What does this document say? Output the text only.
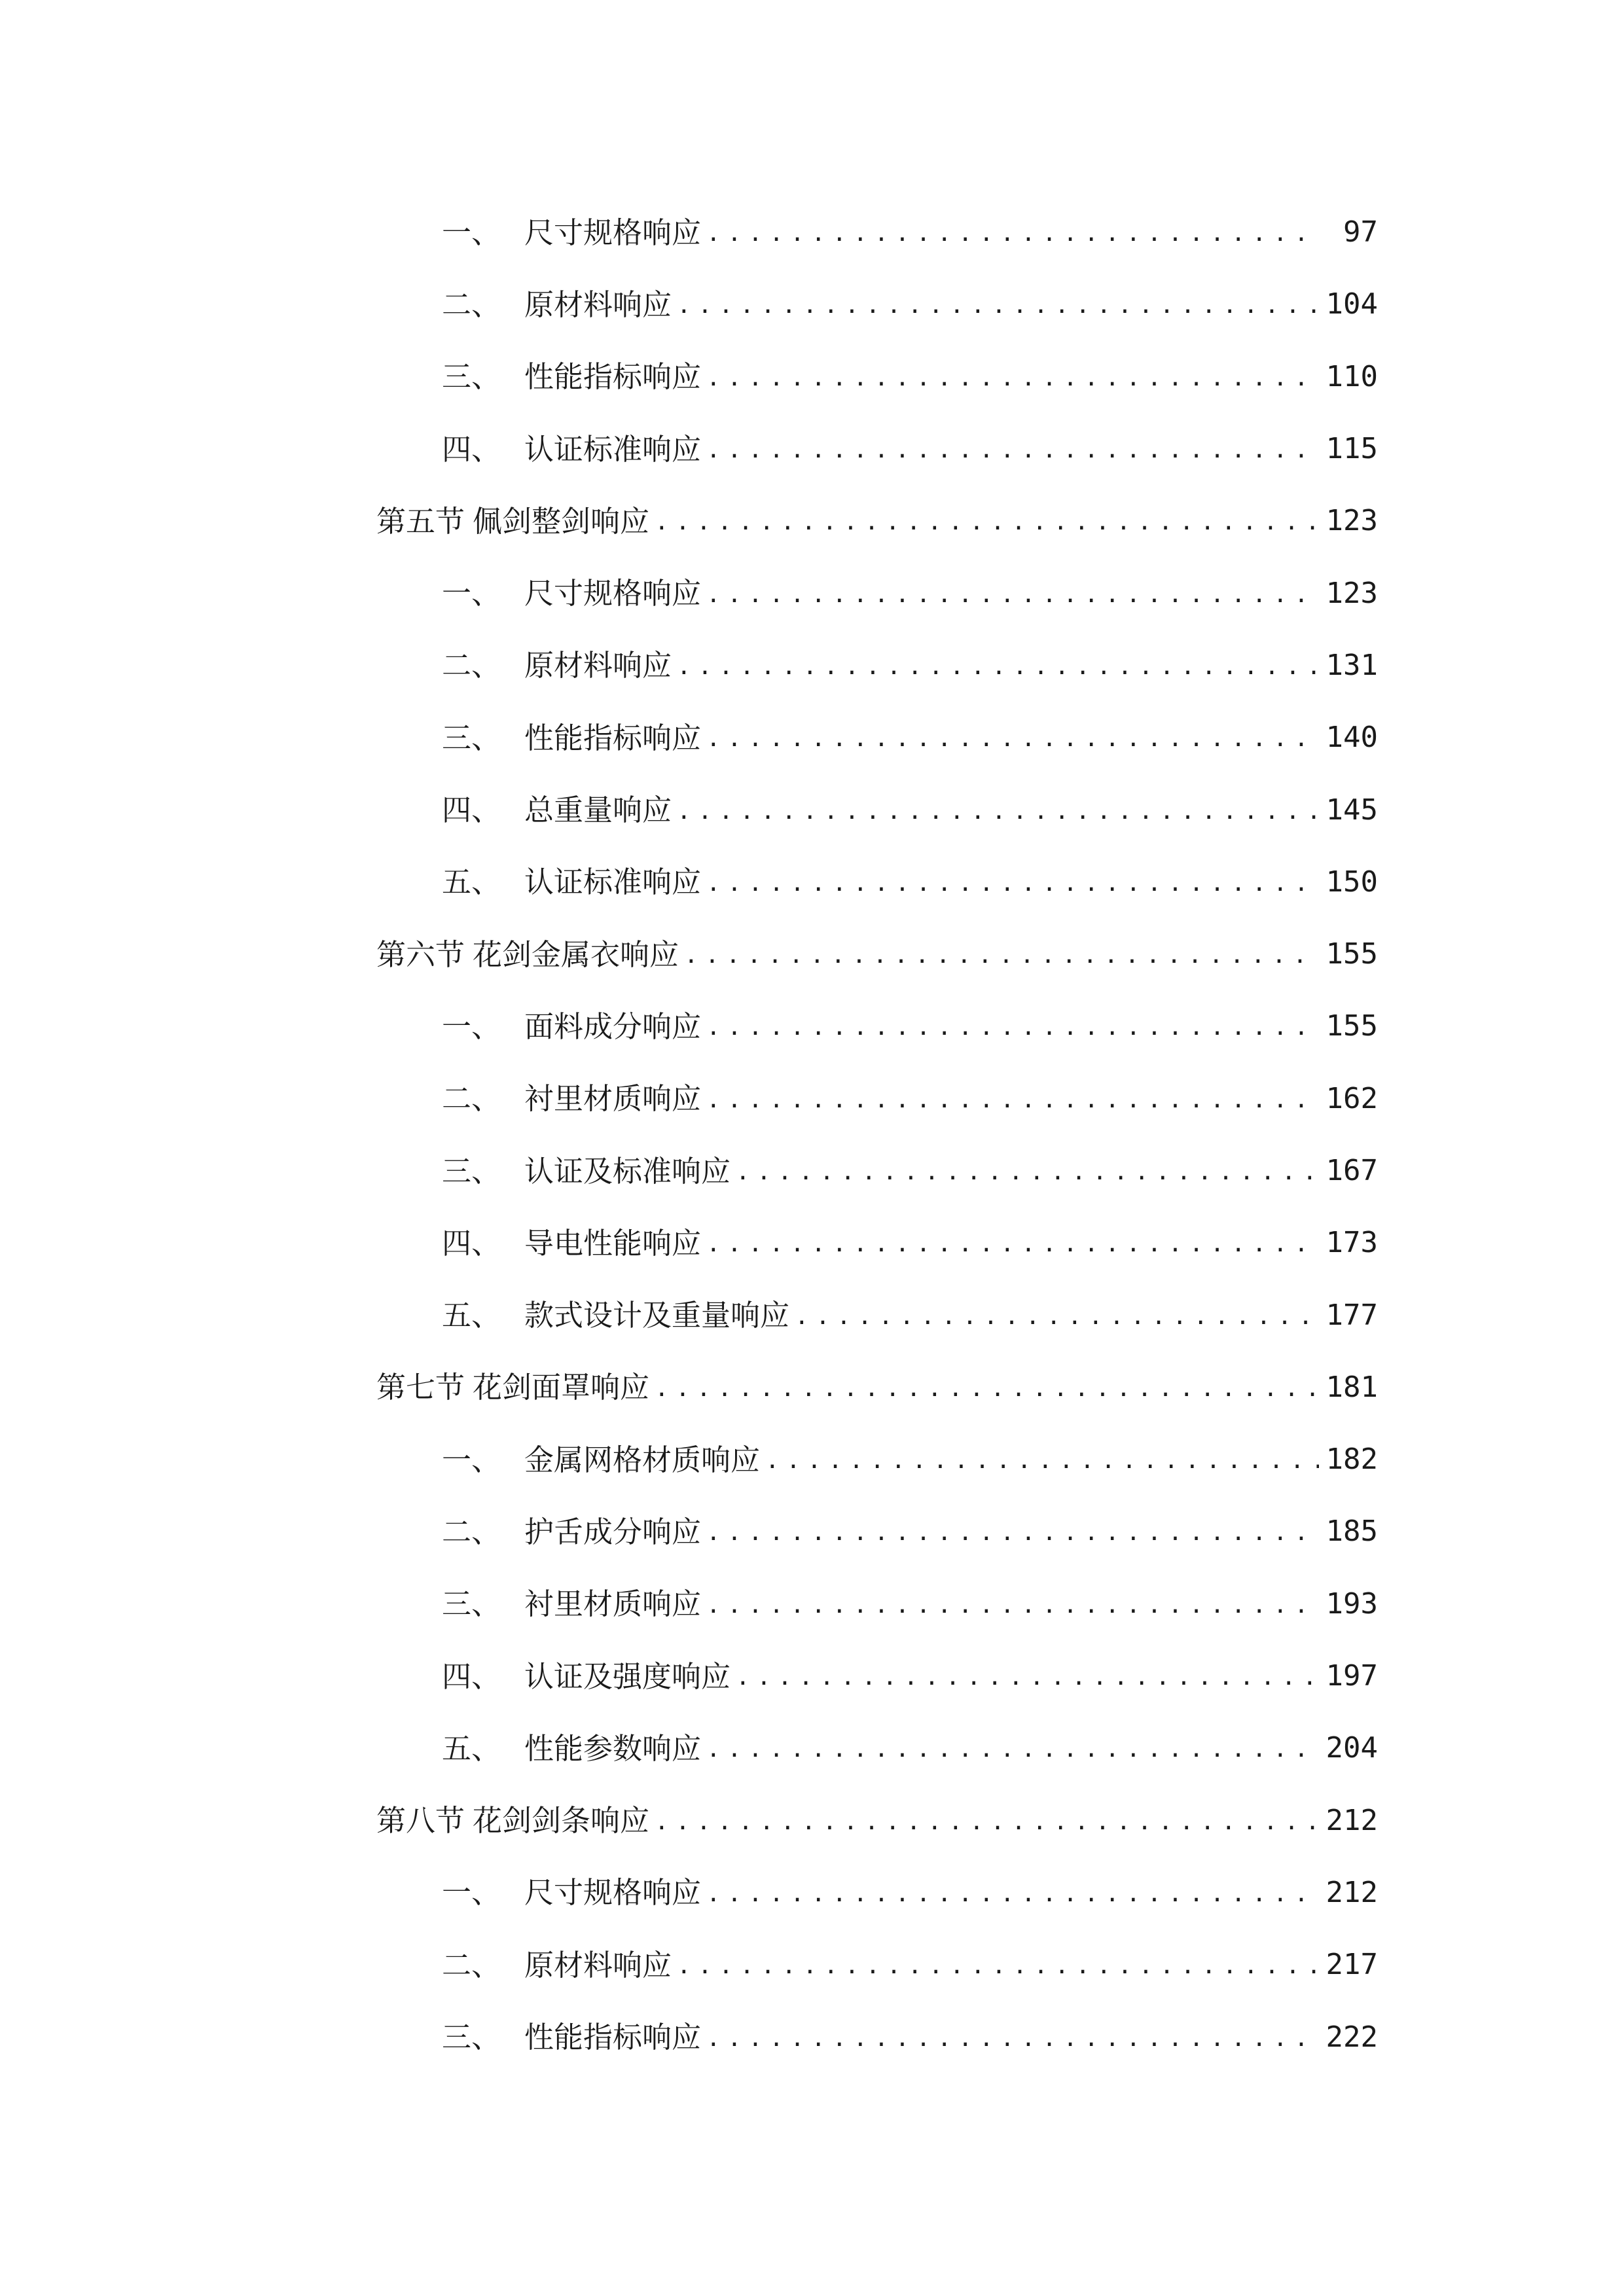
一、 尺寸规格响应 .....	97
二、 原材料响应 .....	104
三、 性能指标响应 .....	110
四、 认证标准响应 .....	115
第五节 佩剑整剑响应 .....	123
一、 尺寸规格响应 .....	123
二、 原材料响应 .....	131
三、 性能指标响应 .....	140
四、 总重量响应 .....	145
五、 认证标准响应 .....	150
第六节 花剑金属衣响应 .....	155
一、 面料成分响应 .....	155
二、 衬里材质响应 .....	162
三、 认证及标准响应 .....	167
四、 导电性能响应 .....	173
五、 款式设计及重量响应 .....	177
第七节 花剑面罩响应 .....	181
一、 金属网格材质响应 .....	182
二、 护舌成分响应 .....	185
三、 衬里材质响应 .....	193
四、 认证及强度响应 .....	197
五、 性能参数响应 .....	204
第八节 花剑剑条响应 .....	212
一、 尺寸规格响应 .....	212
二、 原材料响应 .....	217
三、 性能指标响应 .....	222
